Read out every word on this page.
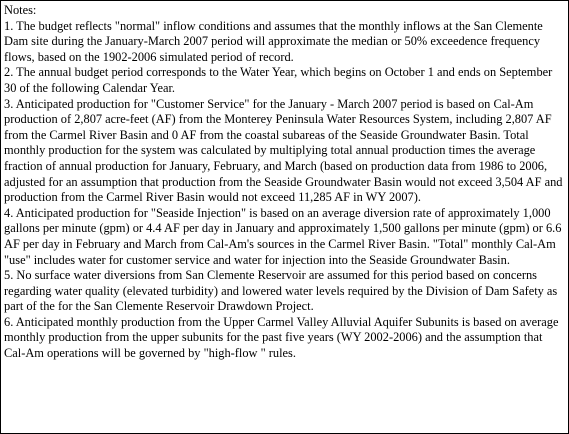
Notes:

1. The budget reflects "normal" inflow conditions and assumes that the monthly inflows at the San Clemente Dam site during the January-March 2007 period will approximate the median or 50% exceedence frequency flows, based on the 1902-2006 simulated period of record.

2. The annual budget period corresponds to the Water Year, which begins on October 1 and ends on September 30 of the following Calendar Year.

3. Anticipated production for "Customer Service" for the January - March 2007 period is based on Cal-Am production of 2,807 acre-feet (AF) from the Monterey Peninsula Water Resources System, including 2,807 AF from the Carmel River Basin and 0 AF from the coastal subareas of the Seaside Groundwater Basin. Total monthly production for the system was calculated by multiplying total annual production times the average fraction of annual production for January, February, and March (based on production data from 1986 to 2006, adjusted for an assumption that production from the Seaside Groundwater Basin would not exceed 3,504 AF and production from the Carmel River Basin would not exceed 11,285 AF in WY 2007).

4. Anticipated production for "Seaside Injection" is based on an average diversion rate of approximately 1,000 gallons per minute (gpm) or 4.4 AF per day in January and approximately 1,500 gallons per minute (gpm) or 6.6 AF per day in February and March from Cal-Am's sources in the Carmel River Basin. "Total" monthly Cal-Am "use" includes water for customer service and water for injection into the Seaside Groundwater Basin.

5. No surface water diversions from San Clemente Reservoir are assumed for this period based on concerns regarding water quality (elevated turbidity) and lowered water levels required by the Division of Dam Safety as part of the for the San Clemente Reservoir Drawdown Project.

6. Anticipated monthly production from the Upper Carmel Valley Alluvial Aquifer Subunits is based on average monthly production from the upper subunits for the past five years (WY 2002-2006) and the assumption that Cal-Am operations will be governed by "high-flow " rules.
